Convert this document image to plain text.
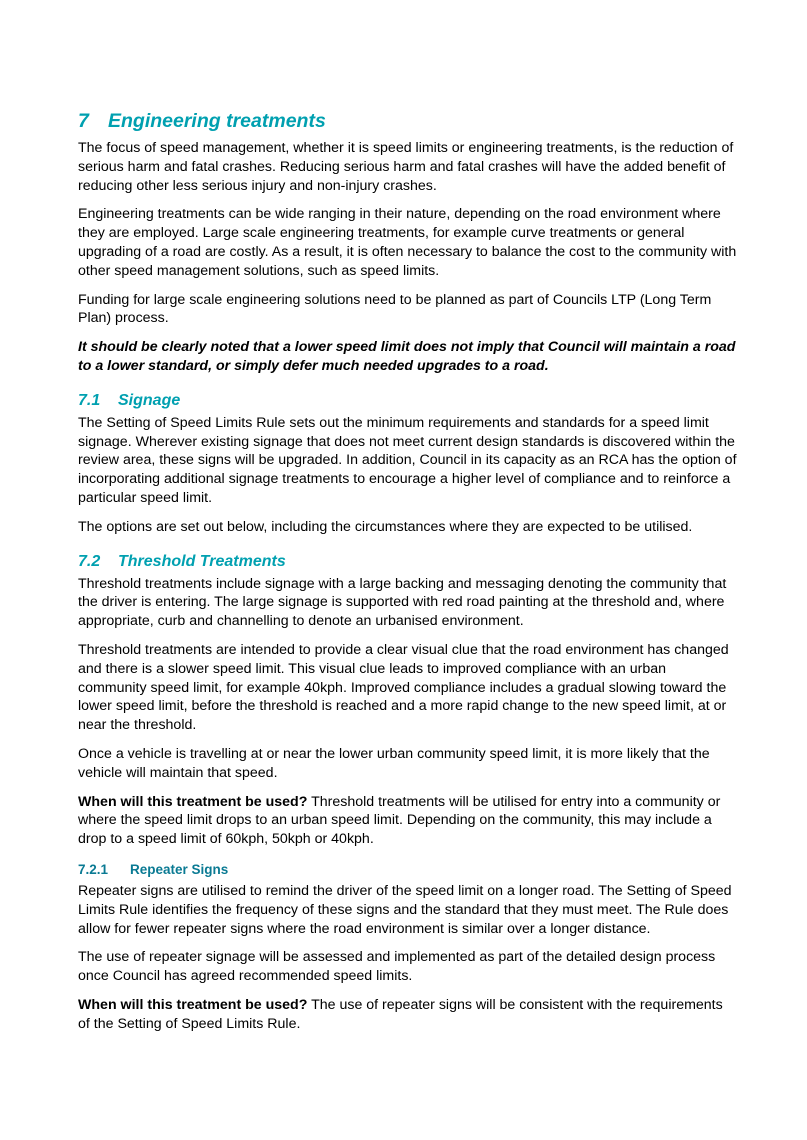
7 Engineering treatments

The focus of speed management, whether it is speed limits or engineering treatments, is the reduction of serious harm and fatal crashes. Reducing serious harm and fatal crashes will have the added benefit of reducing other less serious injury and non-injury crashes.

Engineering treatments can be wide ranging in their nature, depending on the road environment where they are employed. Large scale engineering treatments, for example curve treatments or general upgrading of a road are costly. As a result, it is often necessary to balance the cost to the community with other speed management solutions, such as speed limits.

Funding for large scale engineering solutions need to be planned as part of Councils LTP (Long Term Plan) process.

It should be clearly noted that a lower speed limit does not imply that Council will maintain a road to a lower standard, or simply defer much needed upgrades to a road.

7.1 Signage

The Setting of Speed Limits Rule sets out the minimum requirements and standards for a speed limit signage. Wherever existing signage that does not meet current design standards is discovered within the review area, these signs will be upgraded. In addition, Council in its capacity as an RCA has the option of incorporating additional signage treatments to encourage a higher level of compliance and to reinforce a particular speed limit.

The options are set out below, including the circumstances where they are expected to be utilised.

7.2 Threshold Treatments

Threshold treatments include signage with a large backing and messaging denoting the community that the driver is entering. The large signage is supported with red road painting at the threshold and, where appropriate, curb and channelling to denote an urbanised environment.

Threshold treatments are intended to provide a clear visual clue that the road environment has changed and there is a slower speed limit. This visual clue leads to improved compliance with an urban community speed limit, for example 40kph. Improved compliance includes a gradual slowing toward the lower speed limit, before the threshold is reached and a more rapid change to the new speed limit, at or near the threshold.

Once a vehicle is travelling at or near the lower urban community speed limit, it is more likely that the vehicle will maintain that speed.

When will this treatment be used? Threshold treatments will be utilised for entry into a community or where the speed limit drops to an urban speed limit. Depending on the community, this may include a drop to a speed limit of 60kph, 50kph or 40kph.

7.2.1 Repeater Signs

Repeater signs are utilised to remind the driver of the speed limit on a longer road. The Setting of Speed Limits Rule identifies the frequency of these signs and the standard that they must meet. The Rule does allow for fewer repeater signs where the road environment is similar over a longer distance.

The use of repeater signage will be assessed and implemented as part of the detailed design process once Council has agreed recommended speed limits.

When will this treatment be used? The use of repeater signs will be consistent with the requirements of the Setting of Speed Limits Rule.
